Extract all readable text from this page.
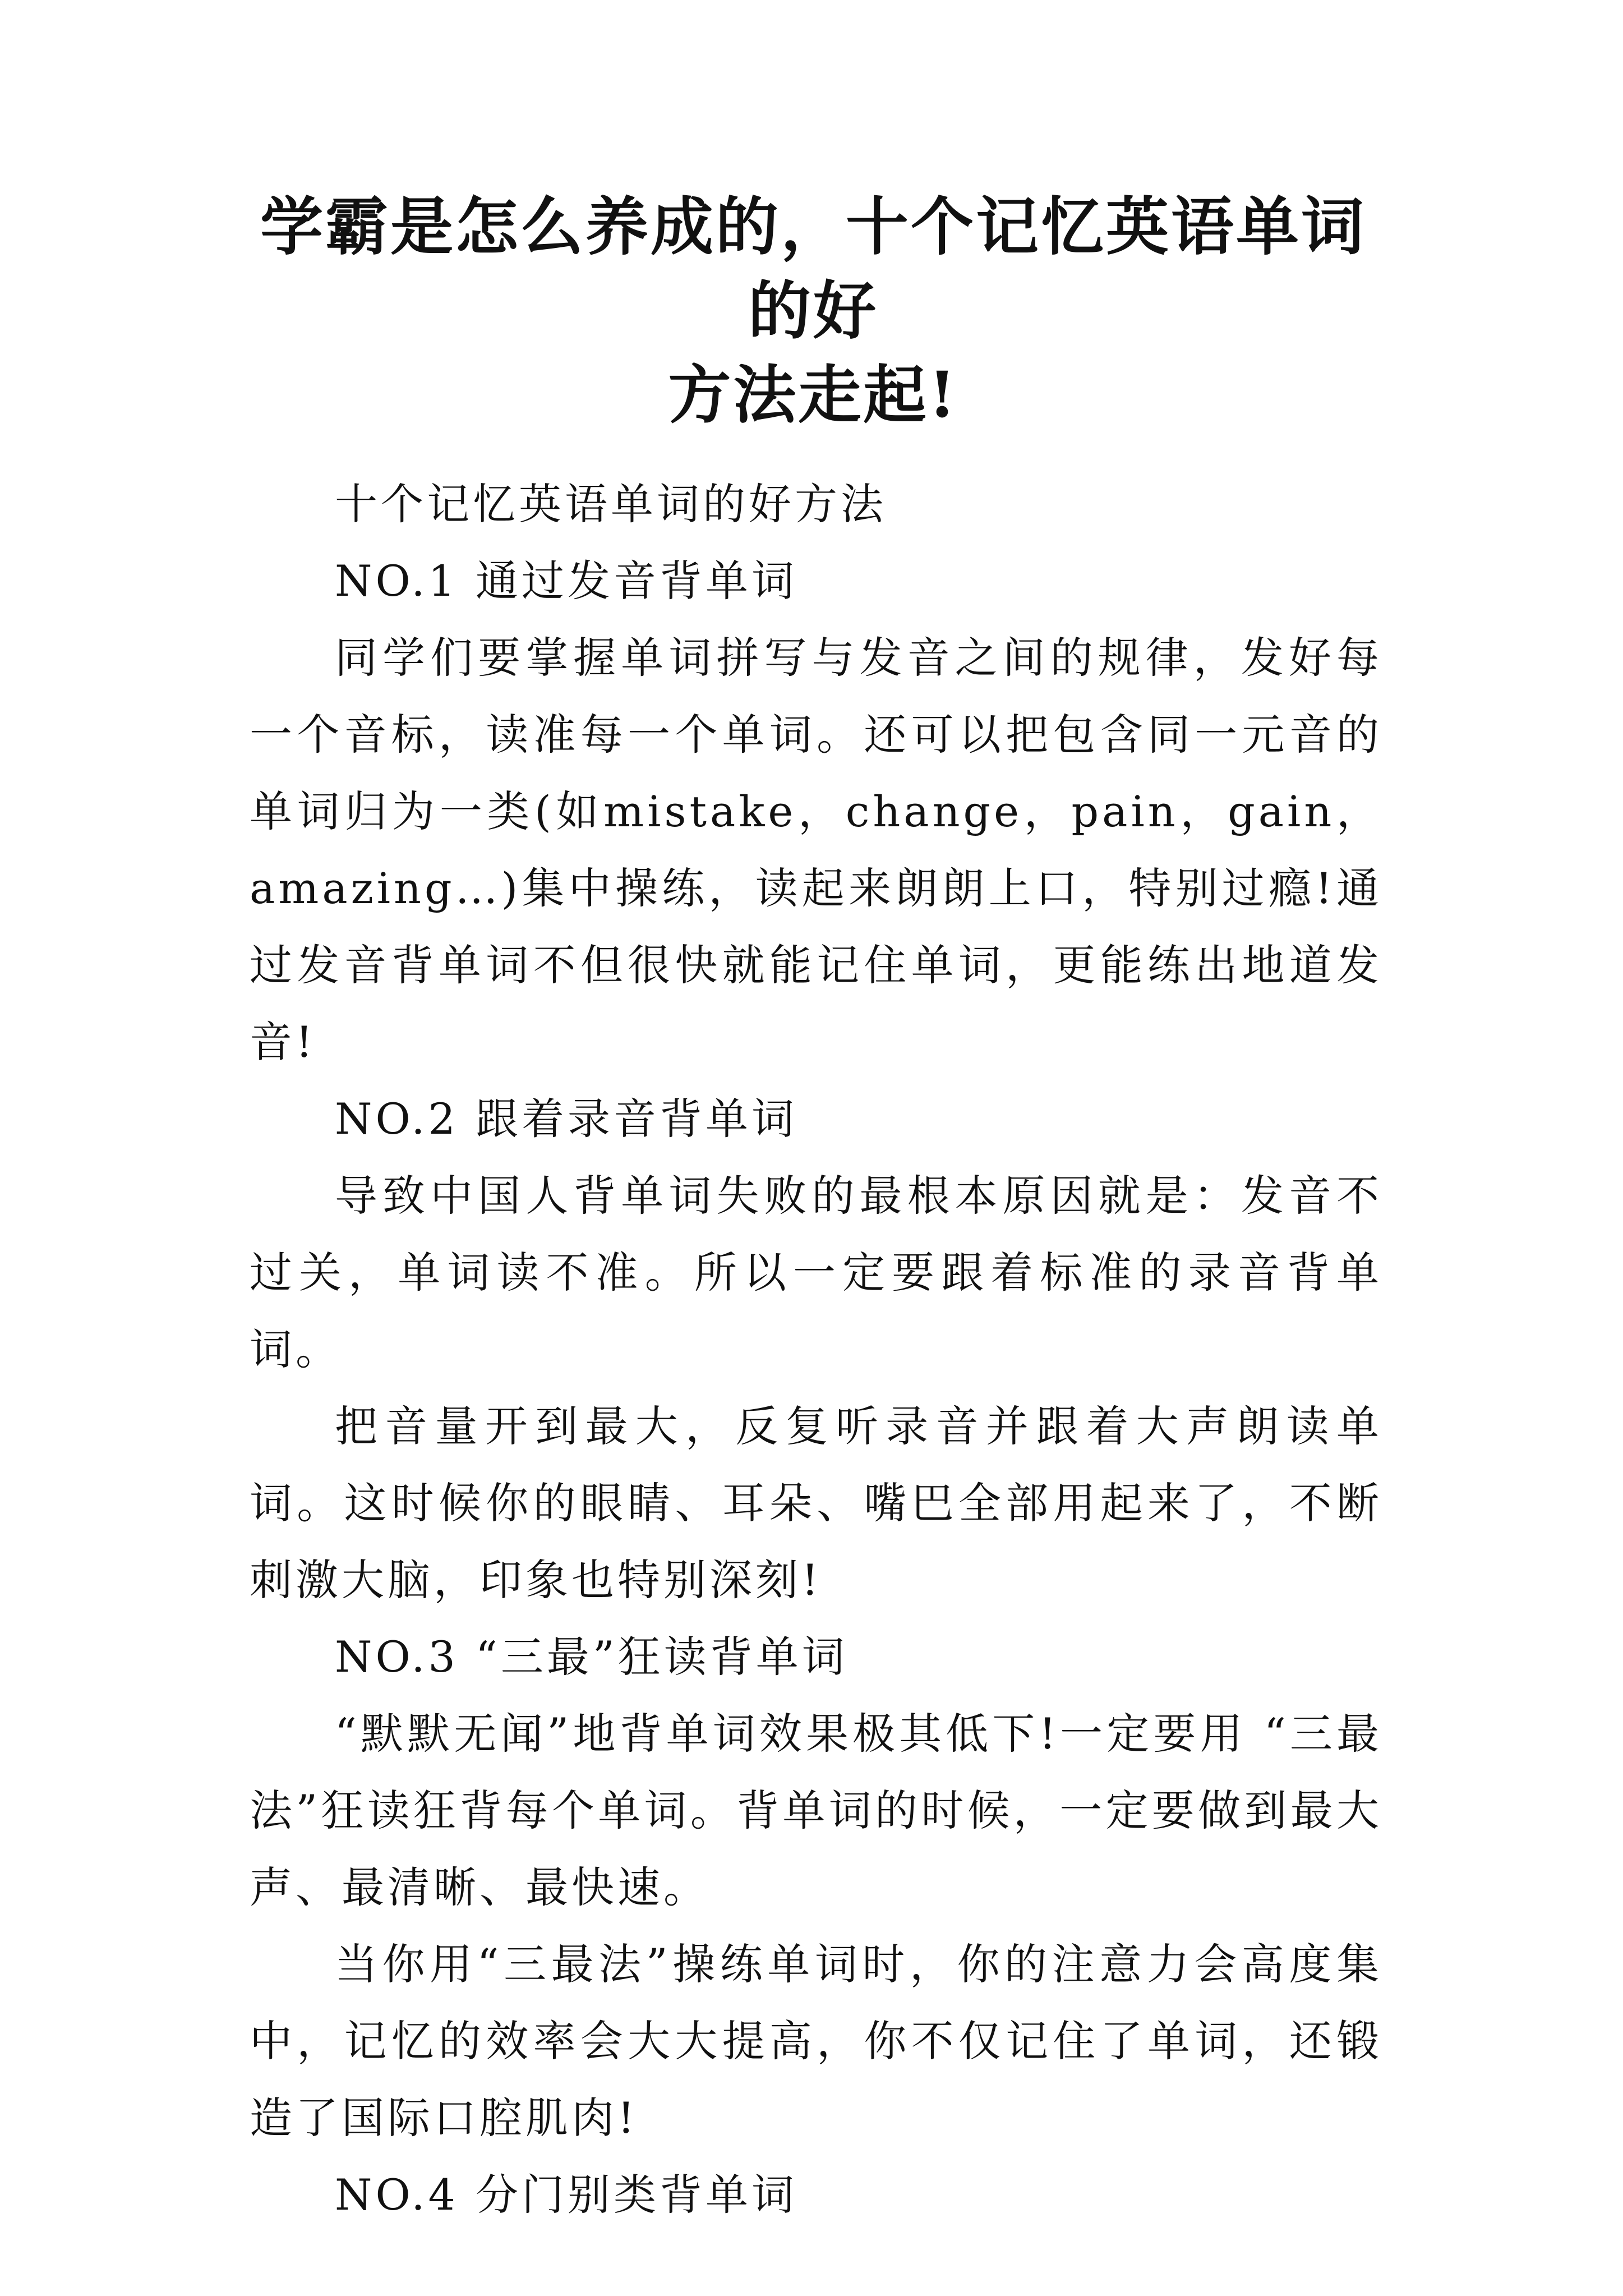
学霸是怎么养成的，十个记忆英语单词的好
方法走起!

十个记忆英语单词的好方法

NO.1 通过发音背单词

同学们要掌握单词拼写与发音之间的规律，发好每一个音标，读准每一个单词。还可以把包含同一元音的单词归为一类(如mistake，change，pain，gain，amazing…)集中操练，读起来朗朗上口，特别过瘾!通过发音背单词不但很快就能记住单词，更能练出地道发音!

NO.2 跟着录音背单词

导致中国人背单词失败的最根本原因就是：发音不过关，单词读不准。所以一定要跟着标准的录音背单词。

把音量开到最大，反复听录音并跟着大声朗读单词。这时候你的眼睛、耳朵、嘴巴全部用起来了，不断刺激大脑，印象也特别深刻!

NO.3 “三最”狂读背单词

“默默无闻”地背单词效果极其低下!一定要用 “三最法”狂读狂背每个单词。背单词的时候，一定要做到最大声、最清晰、最快速。

当你用“三最法”操练单词时，你的注意力会高度集中，记忆的效率会大大提高，你不仅记住了单词，还锻造了国际口腔肌肉!

NO.4 分门别类背单词
